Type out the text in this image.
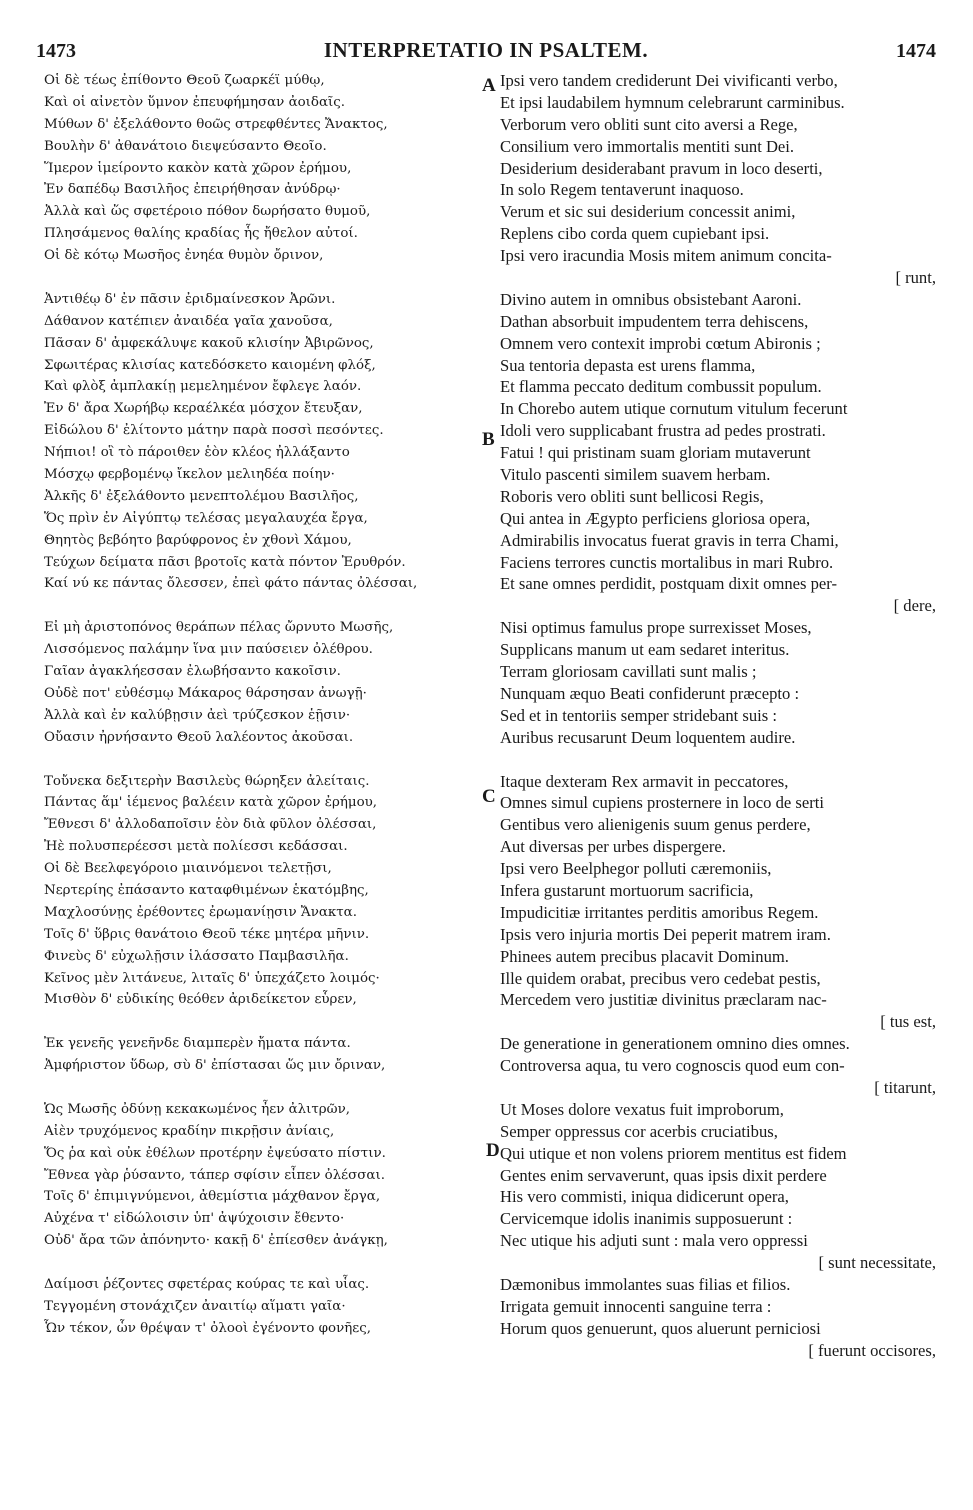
1473	INTERPRETATIO IN PSALTEM.	1474
Οἱ δὲ τέως ἐπίθοντο Θεοῦ ζωαρκέϊ μύθῳ,
Καὶ οἱ αἰνετὸν ὕμνον ἐπευφήμησαν ἀοιδαῖς.
Μύθων δ' ἐξελάθοντο θοῶς στρεφθέντες Ἄνακτος,
Βουλὴν δ' ἀθανάτοιο διεψεύσαντο Θεοῖο.
Ἵμερον ἱμείροντο κακὸν κατὰ χῶρον ἐρήμου,
Ἐν δαπέδῳ Βασιλῆος ἐπειρήθησαν ἀνύδρῳ·
Ἀλλὰ καὶ ὥς σφετέροιο πόθον δωρήσατο θυμοῦ,
Πλησάμενος θαλίης κραδίας ἧς ἤθελον αὐτοί.
Οἱ δὲ κότῳ Μωσῆος ἐνηέα θυμὸν ὄρινον,
Ἀντιθέῳ δ' ἐν πᾶσιν ἐριδμαίνεσκον Ἀρῶνι.
Δάθανον κατέπιεν ἀναιδέα γαῖα χανοῦσα,
Πᾶσαν δ' ἀμφεκάλυψε κακοῦ κλισίην Ἀβιρῶνος,
Σφωιτέρας κλισίας κατεδόσκετο καιομένη φλόξ,
Καὶ φλὸξ ἀμπλακίῃ μεμελημένον ἔφλεγε λαόν.
Ἐν δ' ἄρα Χωρήβῳ κεραέλκέα μόσχον ἔτευξαν,
Εἰδώλου δ' ἐλίτοντο μάτην παρὰ ποσσὶ πεσόντες.
Νήπιοι! οἳ τὸ πάροιθεν ἑὸν κλέος ἠλλάξαντο
Μόσχῳ φερβομένῳ ἴκελον μελιηδέα ποίην·
Ἀλκῆς δ' ἐξελάθοντο μενεπτολέμου Βασιλῆος,
Ὅς πρὶν ἐν Αἰγύπτῳ τελέσας μεγαλαυχέα ἔργα,
Θηητὸς βεβόητο βαρύφρονος ἐν χθονὶ Χάμου,
Τεύχων δείματα πᾶσι βροτοῖς κατὰ πόντον Ἐρυθρόν.
Καί νύ κε πάντας ὄλεσσεν, ἐπεὶ φάτο πάντας ὀλέσσαι,
Εἰ μὴ ἀριστοπόνος θεράπων πέλας ὤρνυτο Μωσῆς,
Λισσόμενος παλάμην ἵνα μιν παύσειεν ὀλέθρου.
Γαῖαν ἀγακλήεσσαν ἐλωβήσαντο κακοῖσιν.
Οὐδὲ ποτ' εὐθέσμῳ Μάκαρος θάρσησαν ἀνωγῇ·
Ἀλλὰ καὶ ἐν καλύβῃσιν ἀεὶ τρύζεσκον ἑῇσιν·
Οὔασιν ἠρνήσαντο Θεοῦ λαλέοντος ἀκοῦσαι.
Τοὔνεκα δεξιτερὴν Βασιλεὺς θώρηξεν ἀλείταις.
Πάντας ἅμ' ἱέμενος βαλέειν κατὰ χῶρον ἐρήμου,
Ἔθνεσι δ' ἀλλοδαποῖσιν ἑὸν διὰ φῦλον ὀλέσσαι,
Ἠὲ πολυσπερέεσσι μετὰ πολίεσσι κεδάσσαι.
Οἱ δὲ Βεελφεγόροιο μιαινόμενοι τελετῇσι,
Νερτερίης ἐπάσαντο καταφθιμένων ἑκατόμβης,
Μαχλοσύνῃς ἐρέθοντες ἐρωμανίῃσιν Ἄνακτα.
Τοῖς δ' ὕβρις θανάτοιο Θεοῦ τέκε μητέρα μῆνιν.
Φινεὺς δ' εὐχωλῇσιν ἱλάσσατο Παμβασιλῆα.
Κεῖνος μὲν λιτάνευε, λιταῖς δ' ὑπεχάζετο λοιμός·
Μισθὸν δ' εὐδικίης θεόθεν ἀριδείκετον εὗρεν,
Ἐκ γενεῆς γενεῆνδε διαμπερὲν ἤματα πάντα.
Ἀμφήριστον ὕδωρ, σὺ δ' ἐπίστασαι ὥς μιν ὄριναν,
Ὡς Μωσῆς ὀδύνῃ κεκακωμένος ἦεν ἀλιτρῶν,
Αἰὲν τρυχόμενος κραδίην πικρῇσιν ἀνίαις,
Ὅς ῥα καὶ οὐκ ἐθέλων προτέρην ἐψεύσατο πίστιν.
Ἔθνεα γὰρ ῥύσαντο, τάπερ σφίσιν εἶπεν ὀλέσσαι.
Τοῖς δ' ἐπιμιγνύμενοι, ἀθεμίστια μάχθανον ἔργα,
Αὐχένα τ' εἰδώλοισιν ὑπ' ἀψύχοισιν ἔθεντο·
Οὐδ' ἄρα τῶν ἀπόνηντο· κακῇ δ' ἐπίεσθεν ἀνάγκῃ,
Δαίμοσι ῥέζοντες σφετέρας κούρας τε καὶ υἷας.
Τεγγομένη στονάχιζεν ἀναιτίῳ αἵματι γαῖα·
Ὧν τέκον, ὧν θρέψαν τ' ὀλοοὶ ἐγένοντο φονῆες,
Ipsi vero tandem crediderunt Dei vivificanti verbo,
Et ipsi laudabilem hymnum celebrarunt carminibus.
Verborum vero obliti sunt cito aversi a Rege,
Consilium vero immortalis mentiti sunt Dei.
Desiderium desiderabant pravum in loco deserti,
In solo Regem tentaverunt inaquoso.
Verum et sic sui desiderium concessit animi,
Replens cibo corda quem cupiebant ipsi.
Ipsi vero iracundia Mosis mitem animum concita-
[ runt,
Divino autem in omnibus obsistebant Aaroni.
Dathan absorbuit impudentem terra dehiscens,
Omnem vero contexit improbi cœtum Abironis ;
Sua tentoria depasta est urens flamma,
Et flamma peccato deditum combussit populum.
In Chorebo autem utique cornutum vitulum fecerunt
Idoli vero supplicabant frustra ad pedes prostrati.
Fatui ! qui pristinam suam gloriam mutaverunt
Vitulo pascenti similem suavem herbam.
Roboris vero obliti sunt bellicosi Regis,
Qui antea in Ægypto perficiens gloriosa opera,
Admirabilis invocatus fuerat gravis in terra Chami,
Faciens terrores cunctis mortalibus in mari Rubro.
Et sane omnes perdidit, postquam dixit omnes per-
[ dere,
Nisi optimus famulus prope surrexisset Moses,
Supplicans manum ut eam sedaret interitus.
Terram gloriosam cavillati sunt malis ;
Nunquam æquo Beati confiderunt præcepto :
Sed et in tentoriis semper stridebant suis :
Auribus recusarunt Deum loquentem audire.
Itaque dexteram Rex armavit in peccatores,
Omnes simul cupiens prosternere in loco de serti
Gentibus vero alienigenis suum genus perdere,
Aut diversas per urbes dispergere.
Ipsi vero Beelphegor polluti cæremoniis,
Infera gustarunt mortuorum sacrificia,
Impudicitiæ irritantes perditis amoribus Regem.
Ipsis vero injuria mortis Dei peperit matrem iram.
Phinees autem precibus placavit Dominum.
Ille quidem orabat, precibus vero cedebat pestis,
Mercedem vero justitiæ divinitus præclaram nac-
[ tus est,
De generatione in generationem omnino dies omnes.
Controversa aqua, tu vero cognoscis quod eum con-
[ titarunt,
Ut Moses dolore vexatus fuit improborum,
Semper oppressus cor acerbis cruciatibus,
Qui utique et non volens priorem mentitus est fidem
Gentes enim servaverunt, quas ipsis dixit perdere
His vero commisti, iniqua didicerunt opera,
Cervicemque idolis inanimis supposuerunt :
Nec utique his adjuti sunt : mala vero oppressi
[ sunt necessitate,
Dæmonibus immolantes suas filias et filios.
Irrigata gemuit innocenti sanguine terra :
Horum quos genuerunt, quos aluerunt perniciosi
[ fuerunt occisores,
A
B
C
D
